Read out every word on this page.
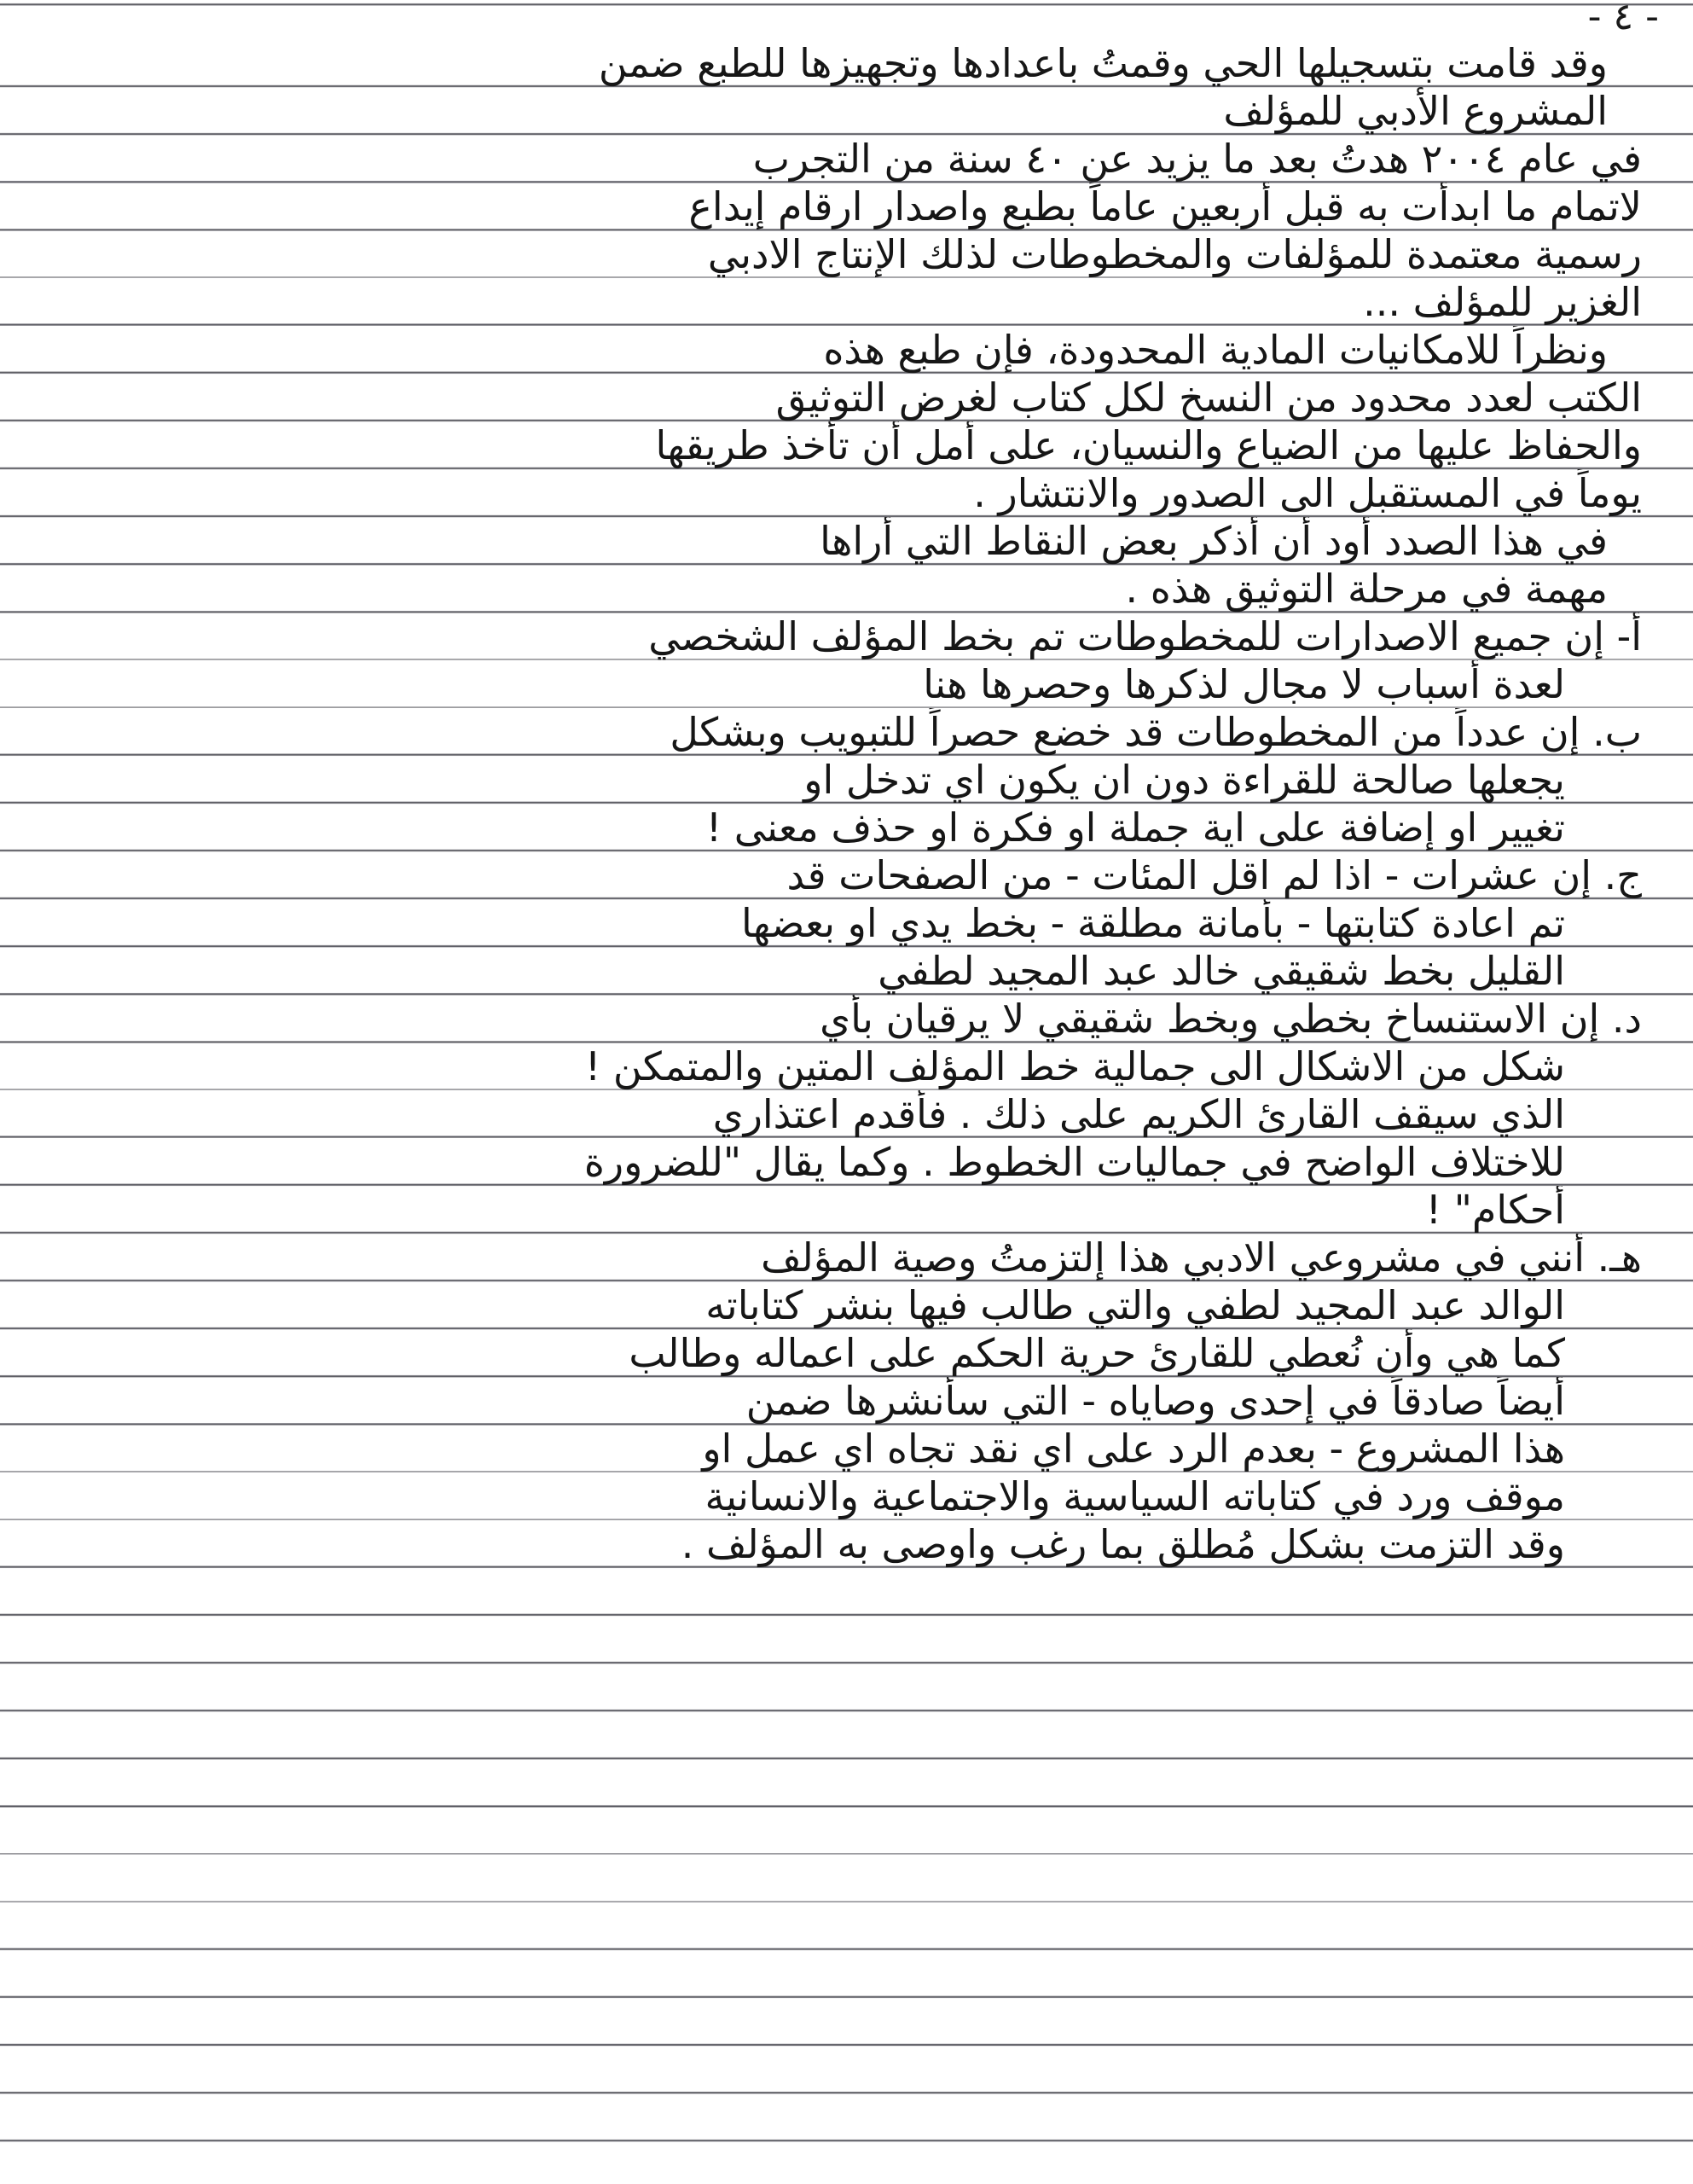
- ٤ -
وقد قامت بتسجيلها الحي وقمتُ باعدادها وتجهيزها للطبع ضمن
المشروع الأدبي للمؤلف
في عام ٢٠٠٤ هدتُ بعد ما يزيد عن ٤٠ سنة من التجرب
لاتمام ما ابدأت به قبل أربعين عاماً بطبع واصدار ارقام إيداع
رسمية معتمدة للمؤلفات والمخطوطات لذلك الإنتاج الادبي
الغزير للمؤلف ...
ونظراً للامكانيات المادية المحدودة، فإن طبع هذه
الكتب لعدد محدود من النسخ لكل كتاب لغرض التوثيق
والحفاظ عليها من الضياع والنسيان، على أمل أن تأخذ طريقها
يوماً في المستقبل الى الصدور والانتشار .
في هذا الصدد أود أن أذكر بعض النقاط التي أراها
مهمة في مرحلة التوثيق هذه .
أ- إن جميع الاصدارات للمخطوطات تم بخط المؤلف الشخصي
لعدة أسباب لا مجال لذكرها وحصرها هنا
ب. إن عدداً من المخطوطات قد خضع حصراً للتبويب وبشكل
يجعلها صالحة للقراءة دون ان يكون اي تدخل او
تغيير او إضافة على اية جملة او فكرة او حذف معنى !
ج. إن عشرات - اذا لم اقل المئات - من الصفحات قد
تم اعادة كتابتها - بأمانة مطلقة - بخط يدي او بعضها
القليل بخط شقيقي خالد عبد المجيد لطفي
د. إن الاستنساخ بخطي وبخط شقيقي لا يرقيان بأي
شكل من الاشكال الى جمالية خط المؤلف المتين والمتمكن !
الذي سيقف القارئ الكريم على ذلك . فأقدم اعتذاري
للاختلاف الواضح في جماليات الخطوط . وكما يقال "للضرورة
أحكام" !
هـ. أنني في مشروعي الادبي هذا إلتزمتُ وصية المؤلف
الوالد عبد المجيد لطفي والتي طالب فيها بنشر كتاباته
كما هي وأن نُعطي للقارئ حرية الحكم على اعماله وطالب
أيضاً صادقاً في إحدى وصاياه - التي سأنشرها ضمن
هذا المشروع - بعدم الرد على اي نقد تجاه اي عمل او
موقف ورد في كتاباته السياسية والاجتماعية والانسانية
وقد التزمت بشكل مُطلق بما رغب واوصى به المؤلف .
